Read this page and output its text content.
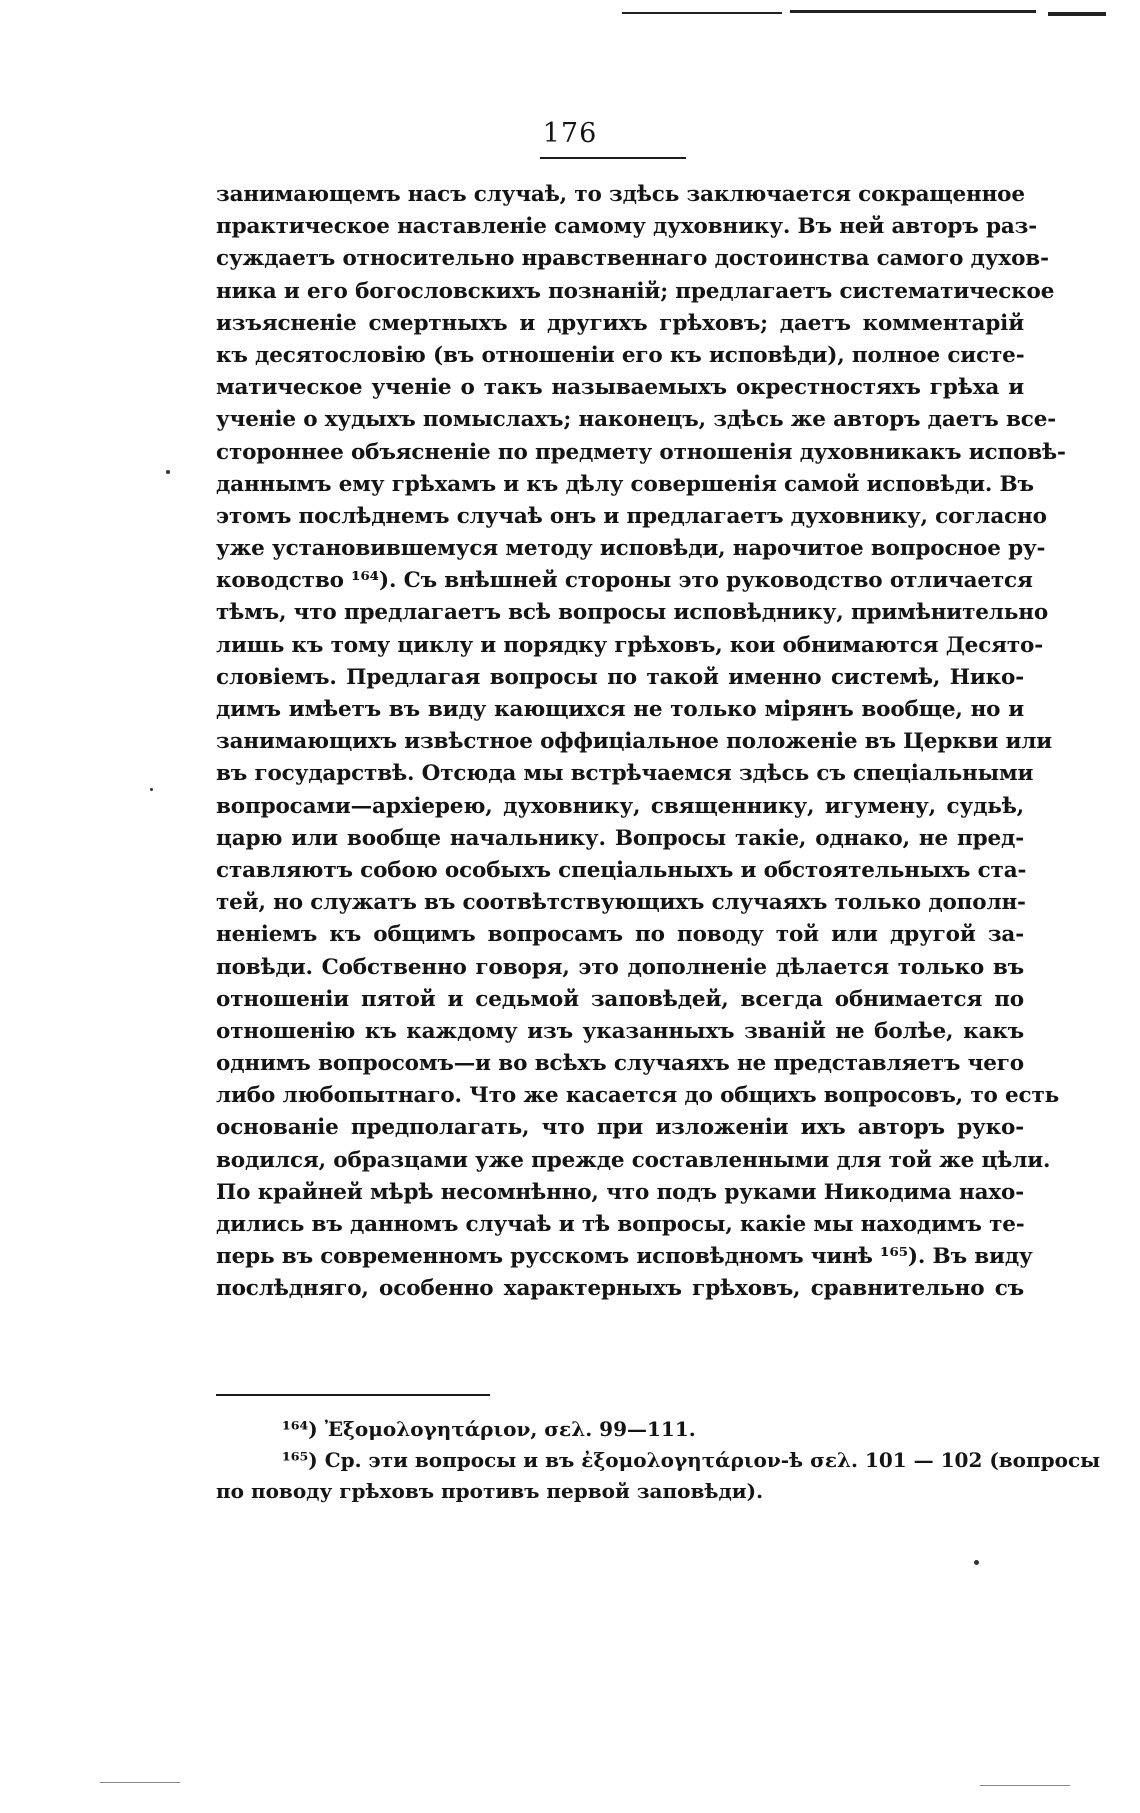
176
занимающемъ насъ случаѣ, то здѣсь заключается сокращенное
практическое наставленіе самому духовнику. Въ ней авторъ раз-
суждаетъ относительно нравственнаго достоинства самого духов-
ника и его богословскихъ познаній; предлагаетъ систематическое
изъясненіе смертныхъ и другихъ грѣховъ; даетъ комментарій
къ десятословію (въ отношеніи его къ исповѣди), полное систе-
матическое ученіе о такъ называемыхъ окрестностяхъ грѣха и
ученіе о худыхъ помыслахъ; наконецъ, здѣсь же авторъ даетъ все-
стороннее объясненіе по предмету отношенія духовникакъ исповѣ-
даннымъ ему грѣхамъ и къ дѣлу совершенія самой исповѣди. Въ
этомъ послѣднемъ случаѣ онъ и предлагаетъ духовнику, согласно
уже установившемуся методу исповѣди, нарочитое вопросное ру-
ководство ¹⁶⁴). Съ внѣшней стороны это руководство отличается
тѣмъ, что предлагаетъ всѣ вопросы исповѣднику, примѣнительно
лишь къ тому циклу и порядку грѣховъ, кои обнимаются Десято-
словіемъ. Предлагая вопросы по такой именно системѣ, Нико-
димъ имѣетъ въ виду кающихся не только мірянъ вообще, но и
занимающихъ извѣстное оффиціальное положеніе въ Церкви или
въ государствѣ. Отсюда мы встрѣчаемся здѣсь съ спеціальными
вопросами—архіерею, духовнику, священнику, игумену, судьѣ,
царю или вообще начальнику. Вопросы такіе, однако, не пред-
ставляютъ собою особыхъ спеціальныхъ и обстоятельныхъ ста-
тей, но служатъ въ соотвѣтствующихъ случаяхъ только дополн-
неніемъ къ общимъ вопросамъ по поводу той или другой за-
повѣди. Собственно говоря, это дополненіе дѣлается только въ
отношеніи пятой и седьмой заповѣдей, всегда обнимается по
отношенію къ каждому изъ указанныхъ званій не болѣе, какъ
однимъ вопросомъ—и во всѣхъ случаяхъ не представляетъ чего
либо любопытнаго. Что же касается до общихъ вопросовъ, то есть
основаніе предполагать, что при изложеніи ихъ авторъ руко-
водился, образцами уже прежде составленными для той же цѣли.
По крайней мѣрѣ несомнѣнно, что подъ руками Никодима нахо-
дились въ данномъ случаѣ и тѣ вопросы, какіе мы находимъ те-
перь въ современномъ русскомъ исповѣдномъ чинѣ ¹⁶⁵). Въ виду
послѣдняго, особенно характерныхъ грѣховъ, сравнительно съ
¹⁶⁴) Ἐξομολογητάριον, σελ. 99—111.
¹⁶⁵) Ср. эти вопросы и въ ἐξομολογητάριον-ѣ σελ. 101 — 102 (вопросы
по поводу грѣховъ противъ первой заповѣди).
